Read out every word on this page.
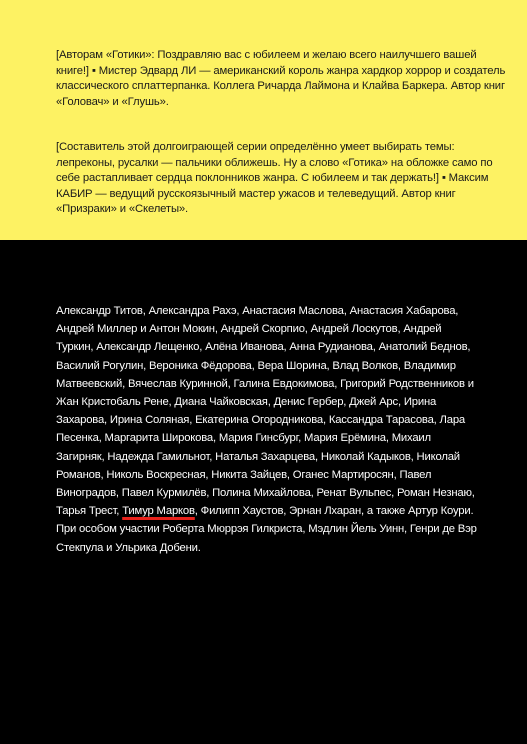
[Авторам «Готики»: Поздравляю вас с юбилеем и желаю всего наилучшего вашей книге!] ▪ Мистер Эдвард ЛИ — американский король жанра хардкор хоррор и создатель классического сплаттерпанка. Коллега Ричарда Лаймона и Клайва Баркера. Автор книг «Головач» и «Глушь».

[Составитель этой долгоиграющей серии определённо умеет выбирать темы: лепреконы, русалки — пальчики оближешь. Ну а слово «Готика» на обложке само по себе растапливает сердца поклонников жанра. С юбилеем и так держать!] ▪ Максим КАБИР — ведущий русскоязычный мастер ужасов и телеведущий. Автор книг «Призраки» и «Скелеты».

Александр Титов, Александра Рахэ, Анастасия Маслова, Анастасия Хабарова, Андрей Миллер и Антон Мокин, Андрей Скорпио, Андрей Лоскутов, Андрей Туркин, Александр Лещенко, Алёна Иванова, Анна Рудианова, Анатолий Беднов, Василий Рогулин, Вероника Фёдорова, Вера Шорина, Влад Волков, Владимир Матвеевский, Вячеслав Куринной, Галина Евдокимова, Григорий Родственников и Жан Кристобаль Рене, Диана Чайковская, Денис Гербер, Джей Арс, Ирина Захарова, Ирина Соляная, Екатерина Огородникова, Кассандра Тарасова, Лара Песенка, Маргарита Широкова, Мария Гинсбург, Мария Ерёмина, Михаил Загирняк, Надежда Гамильнот, Наталья Захарцева, Николай Кадыков, Николай Романов, Николь Воскресная, Никита Зайцев, Оганес Мартиросян, Павел Виноградов, Павел Курмилёв, Полина Михайлова, Ренат Вульпес, Роман Незнаю, Тарья Трест, Тимур Марков, Филипп Хаустов, Эрнан Лхаран, а также Артур Коури. При особом участии Роберта Мюррэя Гилкриста, Мэдлин Йель Уинн, Генри де Вэр Стекпула и Ульрика Добени.
